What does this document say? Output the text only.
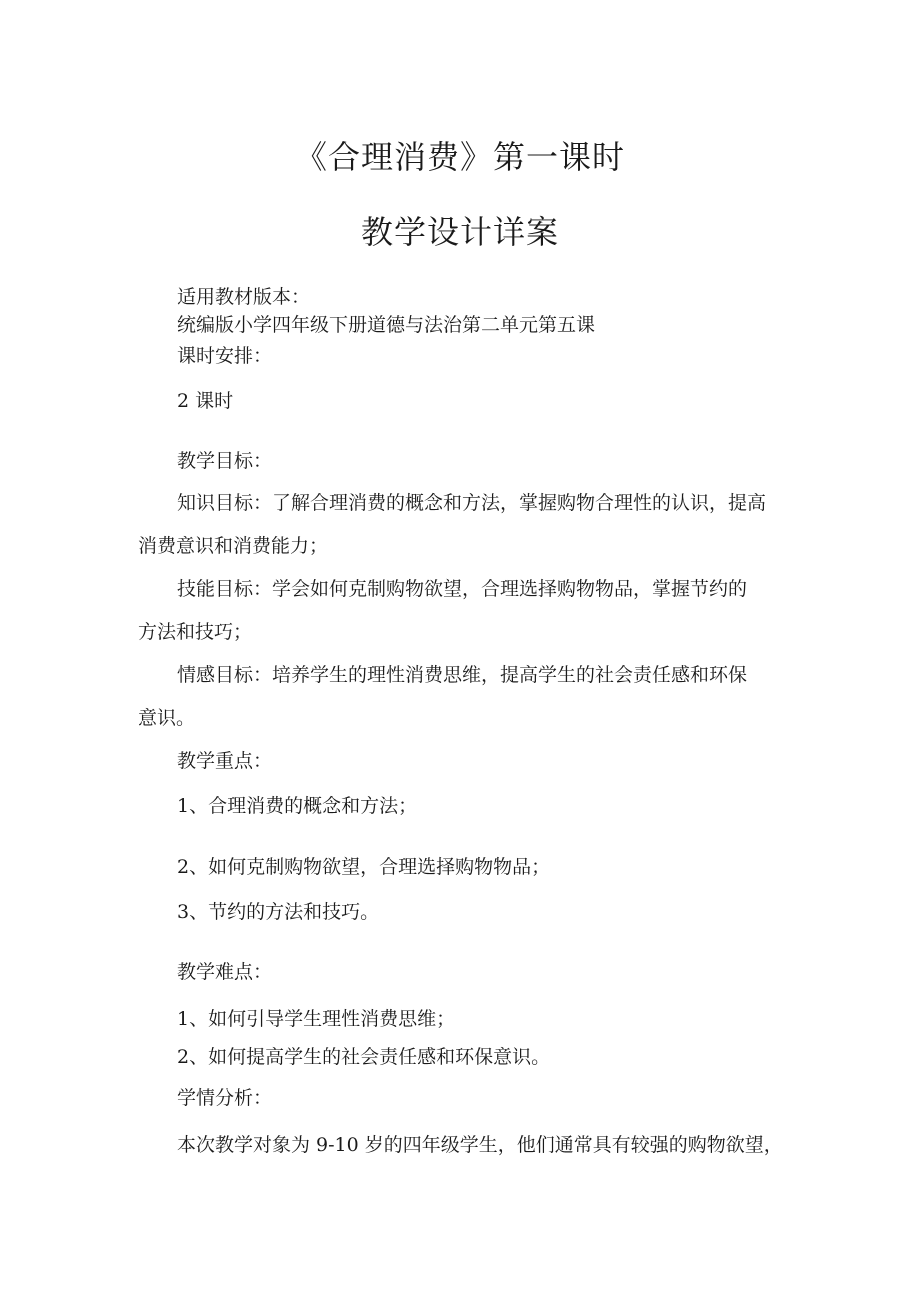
《合理消费》第一课时
教学设计详案
适用教材版本：
统编版小学四年级下册道德与法治第二单元第五课
课时安排：
2 课时
教学目标：
知识目标：了解合理消费的概念和方法，掌握购物合理性的认识，提高
消费意识和消费能力；
技能目标：学会如何克制购物欲望，合理选择购物物品，掌握节约的
方法和技巧；
情感目标：培养学生的理性消费思维，提高学生的社会责任感和环保
意识。
教学重点：
1、合理消费的概念和方法；
2、如何克制购物欲望，合理选择购物物品；
3、节约的方法和技巧。
教学难点：
1、如何引导学生理性消费思维；
2、如何提高学生的社会责任感和环保意识。
学情分析：
本次教学对象为 9-10 岁的四年级学生，他们通常具有较强的购物欲望，
